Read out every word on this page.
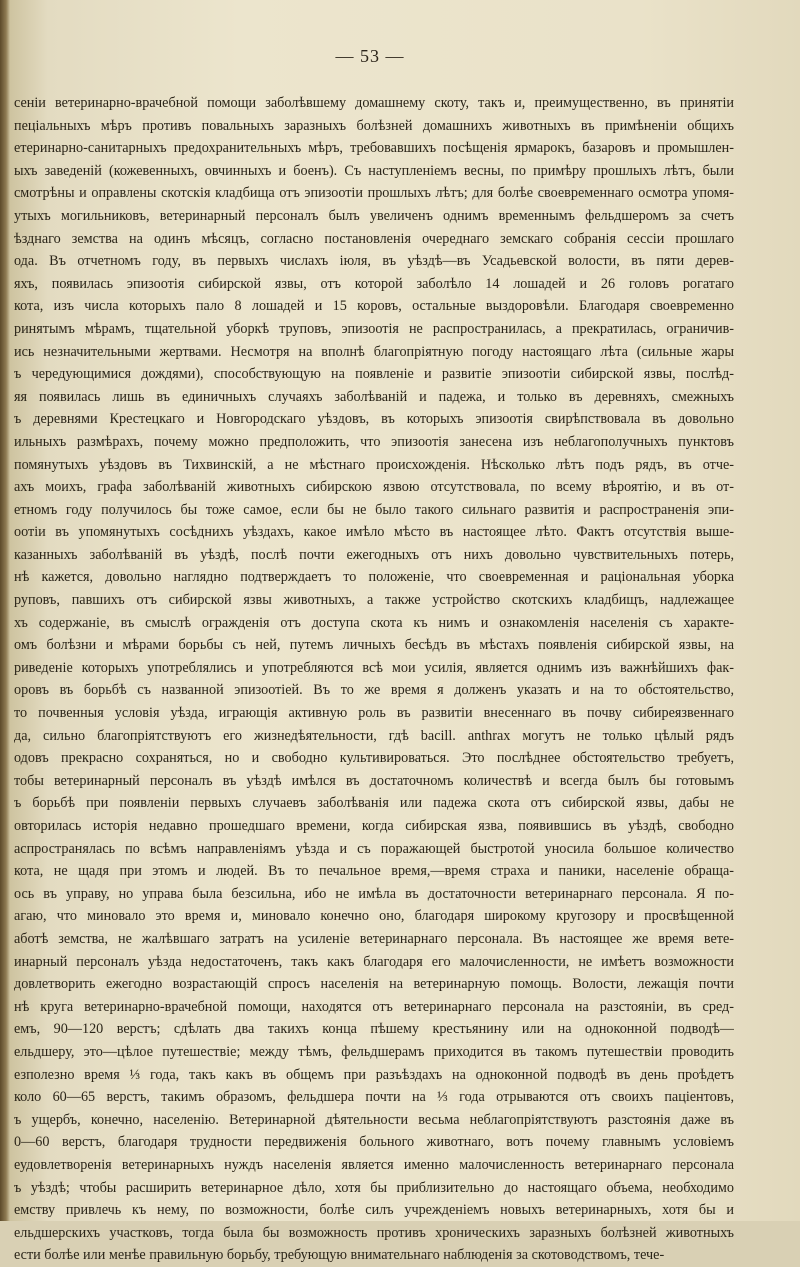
— 53 —
сеніи ветеринарно-врачебной помощи заболѣвшему домашнему скоту, такъ и, преимущественно, въ принятіи
пеціальныхъ мѣръ противъ повальныхъ заразныхъ болѣзней домашнихъ животныхъ въ примѣненіи общихъ
етеринарно-санитарныхъ предохранительныхъ мѣръ, требовавшихъ посѣщенія ярмарокъ, базаровъ и промышлен-
ыхъ заведеній (кожевенныхъ, овчинныхъ и боенъ). Съ наступленіемъ весны, по примѣру прошлыхъ лѣтъ, были
смотрѣны и оправлены скотскія кладбища отъ эпизоотіи прошлыхъ лѣтъ; для болѣе своевременнаго осмотра упомя-
утыхъ могильниковъ, ветеринарный персоналъ былъ увеличенъ однимъ временнымъ фельдшеромъ за счетъ
ѣзднаго земства на одинъ мѣсяцъ, согласно постановленія очереднаго земскаго собранія сессіи прошлаго
ода. Въ отчетномъ году, въ первыхъ числахъ іюля, въ уѣздѣ—въ Усадьевской волости, въ пяти дерев-
яхъ, появилась эпизоотія сибирской язвы, отъ которой заболѣло 14 лошадей и 26 головъ рогатаго
кота, изъ числа которыхъ пало 8 лошадей и 15 коровъ, остальные выздоровѣли. Благодаря своевременно
ринятымъ мѣрамъ, тщательной уборкѣ труповъ, эпизоотія не распространилась, а прекратилась, ограничив-
ись незначительными жертвами. Несмотря на вполнѣ благопріятную погоду настоящаго лѣта (сильные жары
ъ чередующимися дождями), способствующую на появленіе и развитіе эпизоотіи сибирской язвы, послѣд-
яя появилась лишь въ единичныхъ случаяхъ заболѣваній и падежа, и только въ деревняхъ, смежныхъ
ъ деревнями Крестецкаго и Новгородскаго уѣздовъ, въ которыхъ эпизоотія свирѣпствовала въ довольно
ильныхъ размѣрахъ, почему можно предположить, что эпизоотія занесена изъ неблагополучныхъ пунктовъ
помянутыхъ уѣздовъ въ Тихвинскій, а не мѣстнаго происхожденія. Нѣсколько лѣтъ подъ рядъ, въ отче-
ахъ моихъ, графа заболѣваній животныхъ сибирскою язвою отсутствовала, по всему вѣроятію, и въ от-
етномъ году получилось бы тоже самое, если бы не было такого сильнаго развитія и распространенія эпи-
оотіи въ упомянутыхъ сосѣднихъ уѣздахъ, какое имѣло мѣсто въ настоящее лѣто. Фактъ отсутствія выше-
казанныхъ заболѣваній въ уѣздѣ, послѣ почти ежегодныхъ отъ нихъ довольно чувствительныхъ потерь,
нѣ кажется, довольно наглядно подтверждаетъ то положеніе, что своевременная и раціональная уборка
руповъ, павшихъ отъ сибирской язвы животныхъ, а также устройство скотскихъ кладбищъ, надлежащее
хъ содержаніе, въ смыслѣ огражденія отъ доступа скота къ нимъ и ознакомленія населенія съ характе-
омъ болѣзни и мѣрами борьбы съ ней, путемъ личныхъ бесѣдъ въ мѣстахъ появленія сибирской язвы, на
риведеніе которыхъ употреблялись и употребляются всѣ мои усилія, является однимъ изъ важнѣйшихъ фак-
оровъ въ борьбѣ съ названной эпизоотіей. Въ то же время я долженъ указать и на то обстоятельство,
то почвенныя условія уѣзда, играющія активную роль въ развитіи внесеннаго въ почву сибиреязвеннаго
да, сильно благопріятствуютъ его жизнедѣятельности, гдѣ bacill. anthrax могутъ не только цѣлый рядъ
одовъ прекрасно сохраняться, но и свободно культивироваться. Это послѣднее обстоятельство требуетъ,
тобы ветеринарный персоналъ въ уѣздѣ имѣлся въ достаточномъ количествѣ и всегда былъ бы готовымъ
ъ борьбѣ при появленіи первыхъ случаевъ заболѣванія или падежа скота отъ сибирской язвы, дабы не
овторилась исторія недавно прошедшаго времени, когда сибирская язва, появившись въ уѣздѣ, свободно
аспространялась по всѣмъ направленіямъ уѣзда и съ поражающей быстротой уносила большое количество
кота, не щадя при этомъ и людей. Въ то печальное время,—время страха и паники, населеніе обраща-
ось въ управу, но управа была безсильна, ибо не имѣла въ достаточности ветеринарнаго персонала. Я по-
агаю, что миновало это время и, миновало конечно оно, благодаря широкому кругозору и просвѣщенной
аботѣ земства, не жалѣвшаго затратъ на усиленіе ветеринарнаго персонала. Въ настоящее же время вете-
инарный персоналъ уѣзда недостаточенъ, такъ какъ благодаря его малочисленности, не имѣетъ возможности
довлетворить ежегодно возрастающій спросъ населенія на ветеринарную помощь. Волости, лежащія почти
нѣ круга ветеринарно-врачебной помощи, находятся отъ ветеринарнаго персонала на разстояніи, въ сред-
емъ, 90—120 верстъ; сдѣлать два такихъ конца пѣшему крестьянину или на одноконной подводѣ—
ельдшеру, это—цѣлое путешествіе; между тѣмъ, фельдшерамъ приходится въ такомъ путешествіи проводить
езполезно время ⅓ года, такъ какъ въ общемъ при разъѣздахъ на одноконной подводѣ въ день проѣдетъ
коло 60—65 верстъ, такимъ образомъ, фельдшера почти на ⅓ года отрываются отъ своихъ паціентовъ,
ъ ущербъ, конечно, населенію. Ветеринарной дѣятельности весьма неблагопріятствуютъ разстоянія даже въ
0—60 верстъ, благодаря трудности передвиженія больного животнаго, вотъ почему главнымъ условіемъ
еудовлетворенія ветеринарныхъ нуждъ населенія является именно малочисленность ветеринарнаго персонала
ъ уѣздѣ; чтобы расширить ветеринарное дѣло, хотя бы приблизительно до настоящаго объема, необходимо
емству привлечь къ нему, по возможности, болѣе силъ учрежденіемъ новыхъ ветеринарныхъ, хотя бы и
ельдшерскихъ участковъ, тогда была бы возможность противъ хроническихъ заразныхъ болѣзней животныхъ
ести болѣе или менѣе правильную борьбу, требующую внимательнаго наблюденія за скотоводствомъ, тече-
